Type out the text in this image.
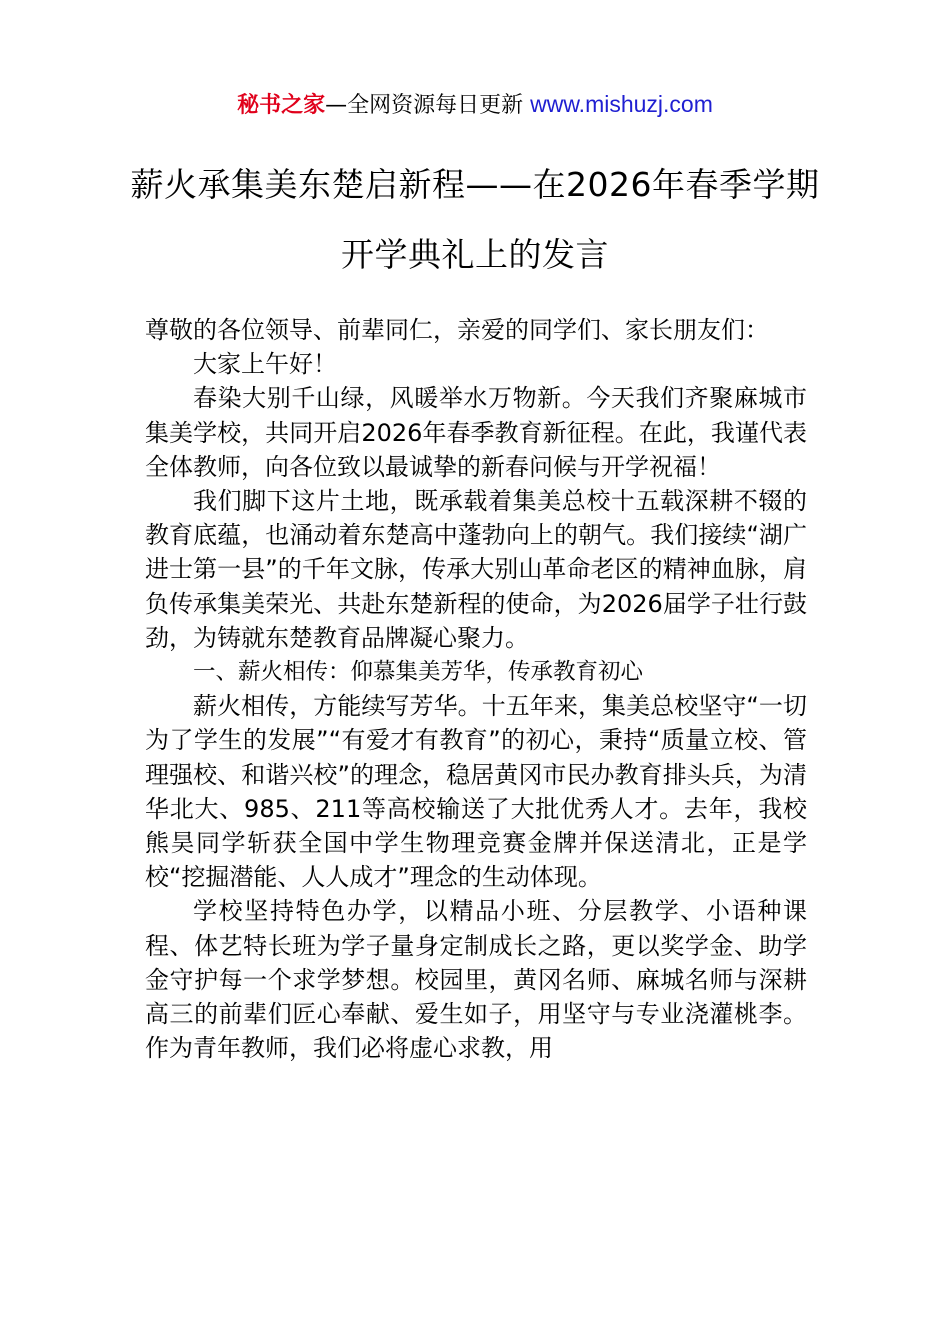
秘书之家—全网资源每日更新 www.mishuzj.com
薪火承集美东楚启新程——在2026年春季学期开学典礼上的发言

尊敬的各位领导、前辈同仁，亲爱的同学们、家长朋友们：

大家上午好！

春染大别千山绿，风暖举水万物新。今天我们齐聚麻城市集美学校，共同开启2026年春季教育新征程。在此，我谨代表全体教师，向各位致以最诚挚的新春问候与开学祝福！

我们脚下这片土地，既承载着集美总校十五载深耕不辍的教育底蕴，也涌动着东楚高中蓬勃向上的朝气。我们接续“湖广进士第一县”的千年文脉，传承大别山革命老区的精神血脉，肩负传承集美荣光、共赴东楚新程的使命，为2026届学子壮行鼓劲，为铸就东楚教育品牌凝心聚力。

一、薪火相传：仰慕集美芳华，传承教育初心

薪火相传，方能续写芳华。十五年来，集美总校坚守“一切为了学生的发展”“有爱才有教育”的初心，秉持“质量立校、管理强校、和谐兴校”的理念，稳居黄冈市民办教育排头兵，为清华北大、985、211等高校输送了大批优秀人才。去年，我校熊昊同学斩获全国中学生物理竞赛金牌并保送清北，正是学校“挖掘潜能、人人成才”理念的生动体现。

学校坚持特色办学，以精品小班、分层教学、小语种课程、体艺特长班为学子量身定制成长之路，更以奖学金、助学金守护每一个求学梦想。校园里，黄冈名师、麻城名师与深耕高三的前辈们匠心奉献、爱生如子，用坚守与专业浇灌桃李。作为青年教师，我们必将虚心求教，用
